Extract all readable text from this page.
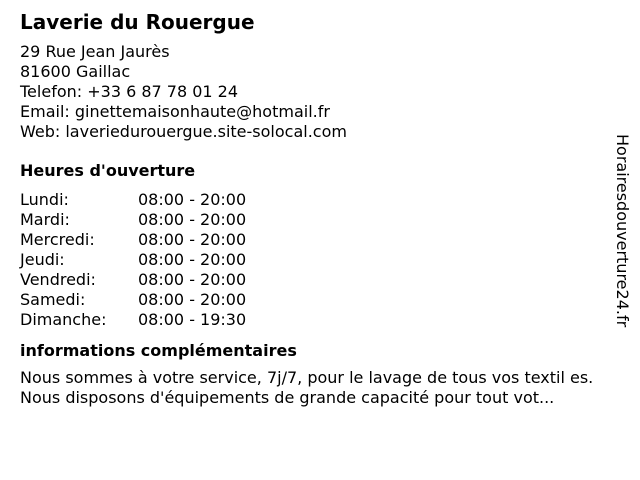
Laverie du Rouergue
29 Rue Jean Jaurès
81600 Gaillac
Telefon: +33 6 87 78 01 24
Email: ginettemaisonhaute@hotmail.fr
Web: laveriedurouergue.site-solocal.com
Heures d'ouverture
Lundi:	08:00 - 20:00
Mardi:	08:00 - 20:00
Mercredi:	08:00 - 20:00
Jeudi:	08:00 - 20:00
Vendredi:	08:00 - 20:00
Samedi:	08:00 - 20:00
Dimanche:	08:00 - 19:30
informations complémentaires
Nous sommes à votre service, 7j/7, pour le lavage de tous vos textil es.
Nous disposons d'équipements de grande capacité pour tout vot...
Horairesdouverture24.fr
